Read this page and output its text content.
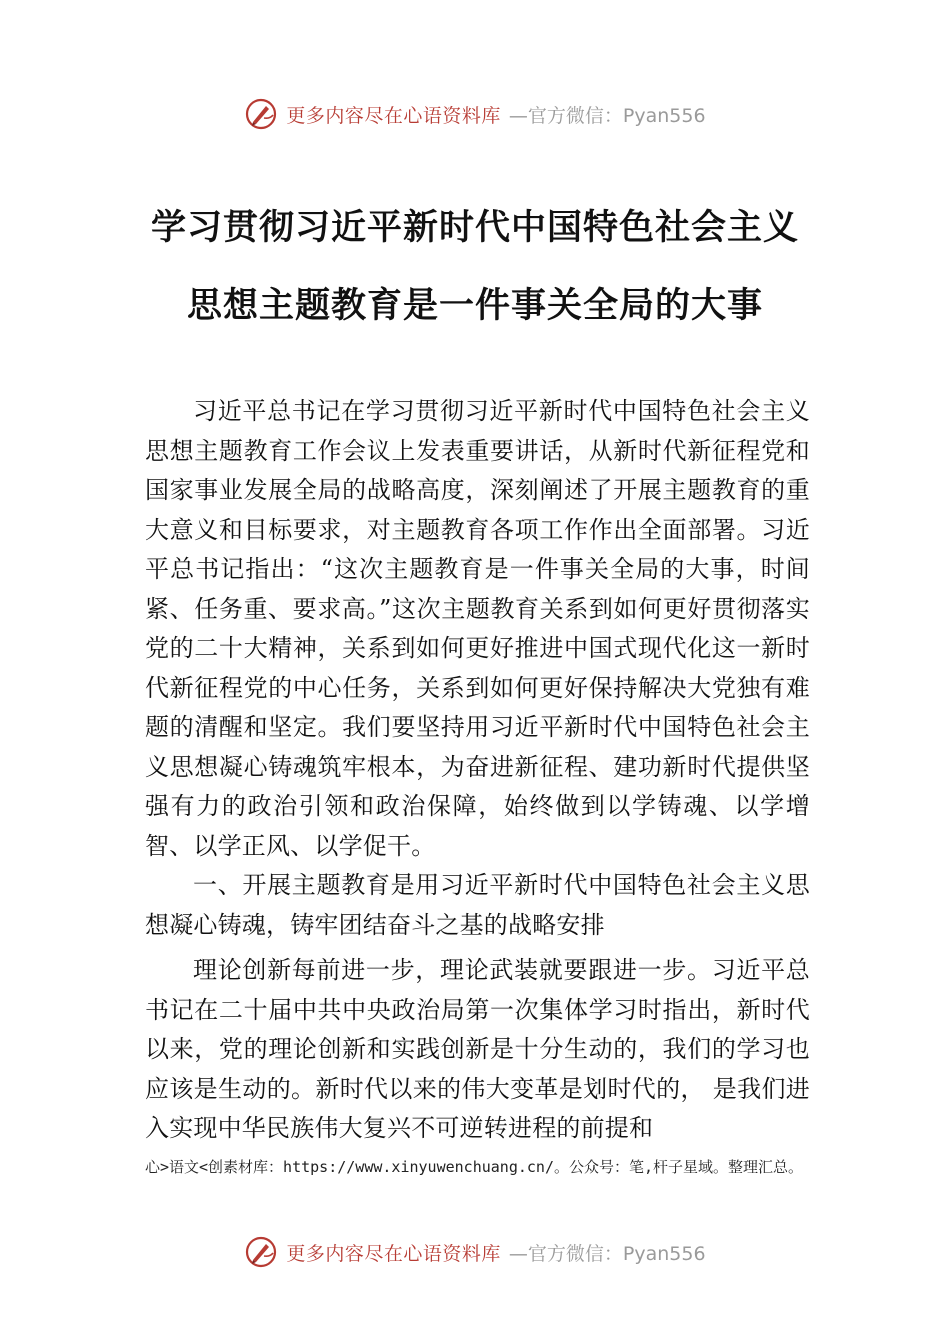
更多内容尽在心语资料库 —官方微信：Pyan556
学习贯彻习近平新时代中国特色社会主义
思想主题教育是一件事关全局的大事

习近平总书记在学习贯彻习近平新时代中国特色社会主义思想主题教育工作会议上发表重要讲话，从新时代新征程党和国家事业发展全局的战略高度，深刻阐述了开展主题教育的重大意义和目标要求，对主题教育各项工作作出全面部署。习近平总书记指出：“这次主题教育是一件事关全局的大事，时间紧、任务重、要求高。”这次主题教育关系到如何更好贯彻落实党的二十大精神，关系到如何更好推进中国式现代化这一新时代新征程党的中心任务，关系到如何更好保持解决大党独有难题的清醒和坚定。我们要坚持用习近平新时代中国特色社会主义思想凝心铸魂筑牢根本，为奋进新征程、建功新时代提供坚强有力的政治引领和政治保障，始终做到以学铸魂、以学增智、以学正风、以学促干。

一、开展主题教育是用习近平新时代中国特色社会主义思想凝心铸魂，铸牢团结奋斗之基的战略安排

理论创新每前进一步，理论武装就要跟进一步。习近平总书记在二十届中共中央政治局第一次集体学习时指出，新时代以来，党的理论创新和实践创新是十分生动的，我们的学习也应该是生动的。新时代以来的伟大变革是划时代的， 是我们进入实现中华民族伟大复兴不可逆转进程的前提和

心>语文<创素材库：https://www.xinyuwenchuang.cn/。公众号：笔,杆子星域。整理汇总。
更多内容尽在心语资料库 —官方微信：Pyan556
